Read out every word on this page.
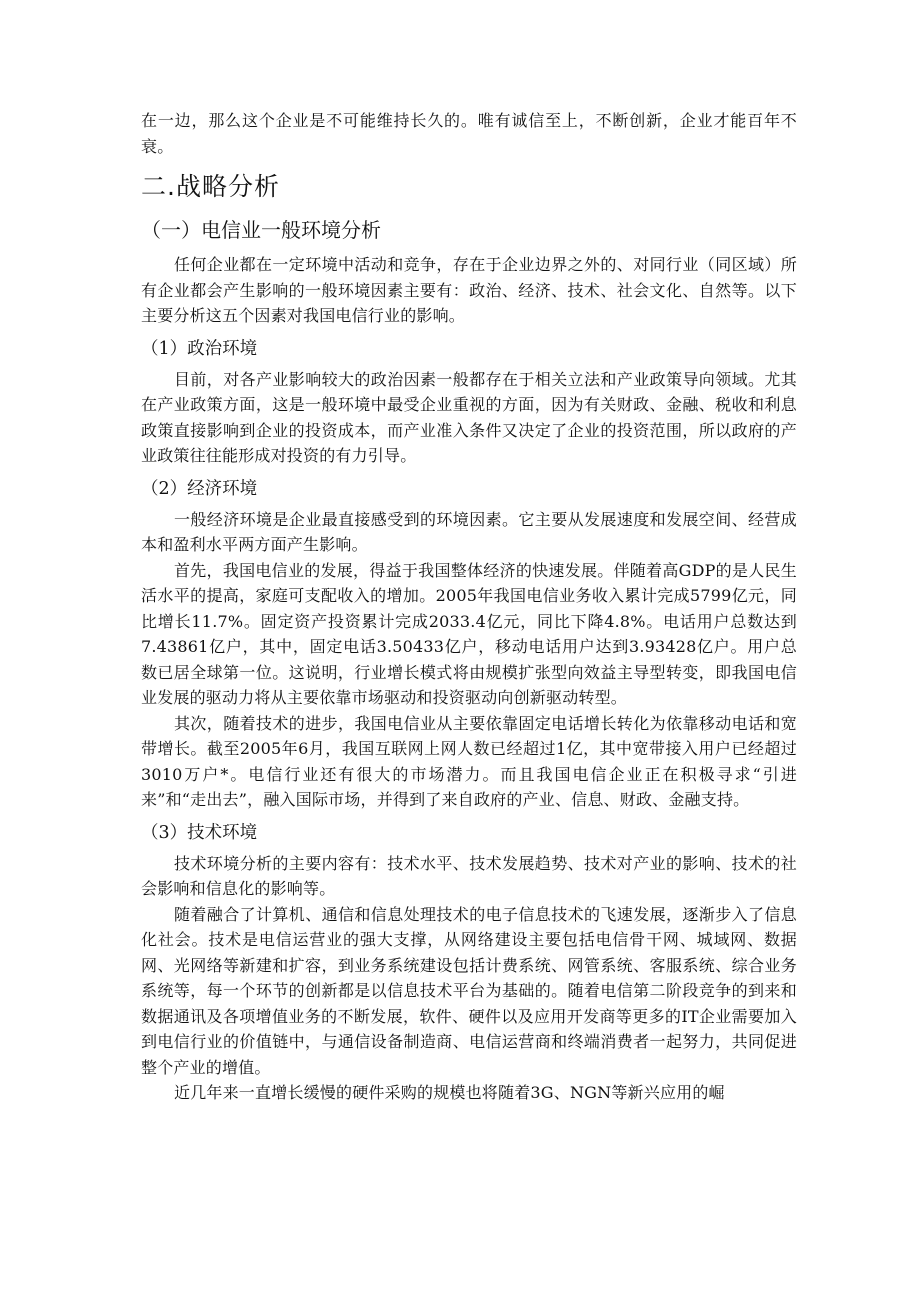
在一边，那么这个企业是不可能维持长久的。唯有诚信至上，不断创新，企业才能百年不衰。

二.战略分析
（一）电信业一般环境分析

任何企业都在一定环境中活动和竞争，存在于企业边界之外的、对同行业（同区域）所有企业都会产生影响的一般环境因素主要有：政治、经济、技术、社会文化、自然等。以下主要分析这五个因素对我国电信行业的影响。

（1）政治环境

目前，对各产业影响较大的政治因素一般都存在于相关立法和产业政策导向领域。尤其在产业政策方面，这是一般环境中最受企业重视的方面，因为有关财政、金融、税收和利息政策直接影响到企业的投资成本，而产业准入条件又决定了企业的投资范围，所以政府的产业政策往往能形成对投资的有力引导。

（2）经济环境

一般经济环境是企业最直接感受到的环境因素。它主要从发展速度和发展空间、经营成本和盈利水平两方面产生影响。

首先，我国电信业的发展，得益于我国整体经济的快速发展。伴随着高GDP的是人民生活水平的提高，家庭可支配收入的增加。2005年我国电信业务收入累计完成5799亿元，同比增长11.7%。固定资产投资累计完成2033.4亿元，同比下降4.8%。电话用户总数达到7.43861亿户，其中，固定电话3.50433亿户，移动电话用户达到3.93428亿户。用户总数已居全球第一位。这说明，行业增长模式将由规模扩张型向效益主导型转变，即我国电信业发展的驱动力将从主要依靠市场驱动和投资驱动向创新驱动转型。

其次，随着技术的进步，我国电信业从主要依靠固定电话增长转化为依靠移动电话和宽带增长。截至2005年6月，我国互联网上网人数已经超过1亿，其中宽带接入用户已经超过3010万户*。电信行业还有很大的市场潜力。而且我国电信企业正在积极寻求“引进来”和“走出去”，融入国际市场，并得到了来自政府的产业、信息、财政、金融支持。

（3）技术环境

技术环境分析的主要内容有：技术水平、技术发展趋势、技术对产业的影响、技术的社会影响和信息化的影响等。

随着融合了计算机、通信和信息处理技术的电子信息技术的飞速发展，逐渐步入了信息化社会。技术是电信运营业的强大支撑，从网络建设主要包括电信骨干网、城域网、数据网、光网络等新建和扩容，到业务系统建设包括计费系统、网管系统、客服系统、综合业务系统等，每一个环节的创新都是以信息技术平台为基础的。随着电信第二阶段竞争的到来和数据通讯及各项增值业务的不断发展，软件、硬件以及应用开发商等更多的IT企业需要加入到电信行业的价值链中，与通信设备制造商、电信运营商和终端消费者一起努力，共同促进整个产业的增值。

近几年来一直增长缓慢的硬件采购的规模也将随着3G、NGN等新兴应用的崛
